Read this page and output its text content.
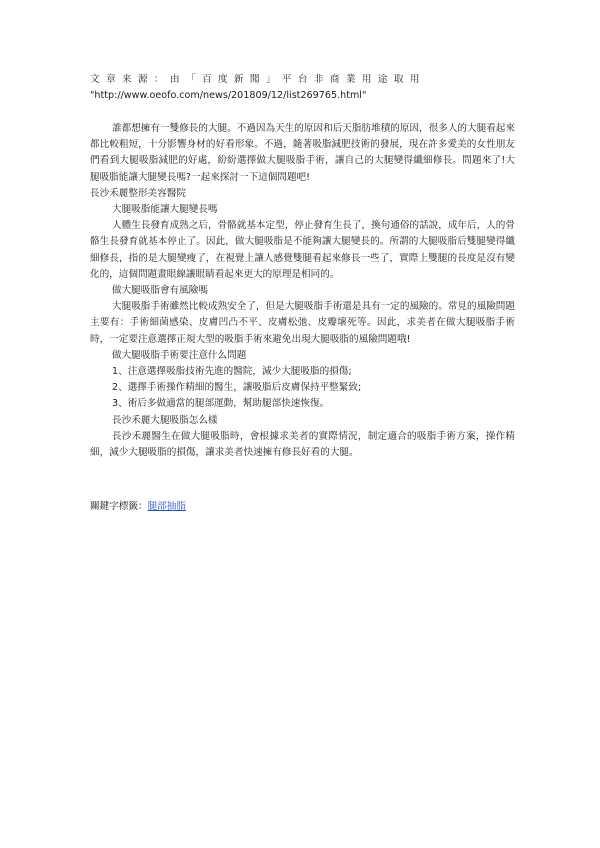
文章来源：由「百度新聞」平台非商業用途取用
"http://www.oeofo.com/news/201809/12/list269765.html"

誰都想擁有一雙修長的大腿。不過因為天生的原因和后天脂肪堆積的原因，很多人的大腿看起來都比較粗短，十分影響身材的好看形象。不過，隨著吸脂減肥技術的發展，現在許多愛美的女性朋友們看到大腿吸脂減肥的好處，紛紛選擇做大腿吸脂手術，讓自己的大腿變得纖細修長。問題來了!大腿吸脂能讓大腿變長嗎?一起來探討一下這個問題吧!

長沙禾麗整形美容醫院

大腿吸脂能讓大腿變長嗎

人體生長發育成熟之后，骨骼就基本定型，停止發育生長了，換句通俗的話說，成年后，人的骨骼生長發育就基本停止了。因此，做大腿吸脂是不能夠讓大腿變長的。所謂的大腿吸脂后雙腿變得纖細修長，指的是大腿變瘦了，在視覺上讓人感覺雙腿看起來修長一些了，實際上雙腿的長度是沒有變化的，這個問題畫眼線讓眼睛看起來更大的原理是相同的。

做大腿吸脂會有風險嗎

大腿吸脂手術雖然比較成熟安全了，但是大腿吸脂手術還是具有一定的風險的。常見的風險問題主要有：手術細菌感染、皮膚凹凸不平、皮膚松弛、皮瓣壞死等。因此，求美者在做大腿吸脂手術時，一定要注意選擇正規大型的吸脂手術來避免出現大腿吸脂的風險問題哦!

做大腿吸脂手術要注意什么問題

1、注意選擇吸脂技術先進的醫院，減少大腿吸脂的損傷;

2、選擇手術操作精細的醫生，讓吸脂后皮膚保持平整緊致;

3、術后多做適當的腿部運動，幫助腿部快速恢復。

長沙禾麗大腿吸脂怎么樣

長沙禾麗醫生在做大腿吸脂時，會根據求美者的實際情況，制定適合的吸脂手術方案，操作精細，減少大腿吸脂的損傷，讓求美者快速擁有修長好看的大腿。

關鍵字標籤：腿部抽脂
